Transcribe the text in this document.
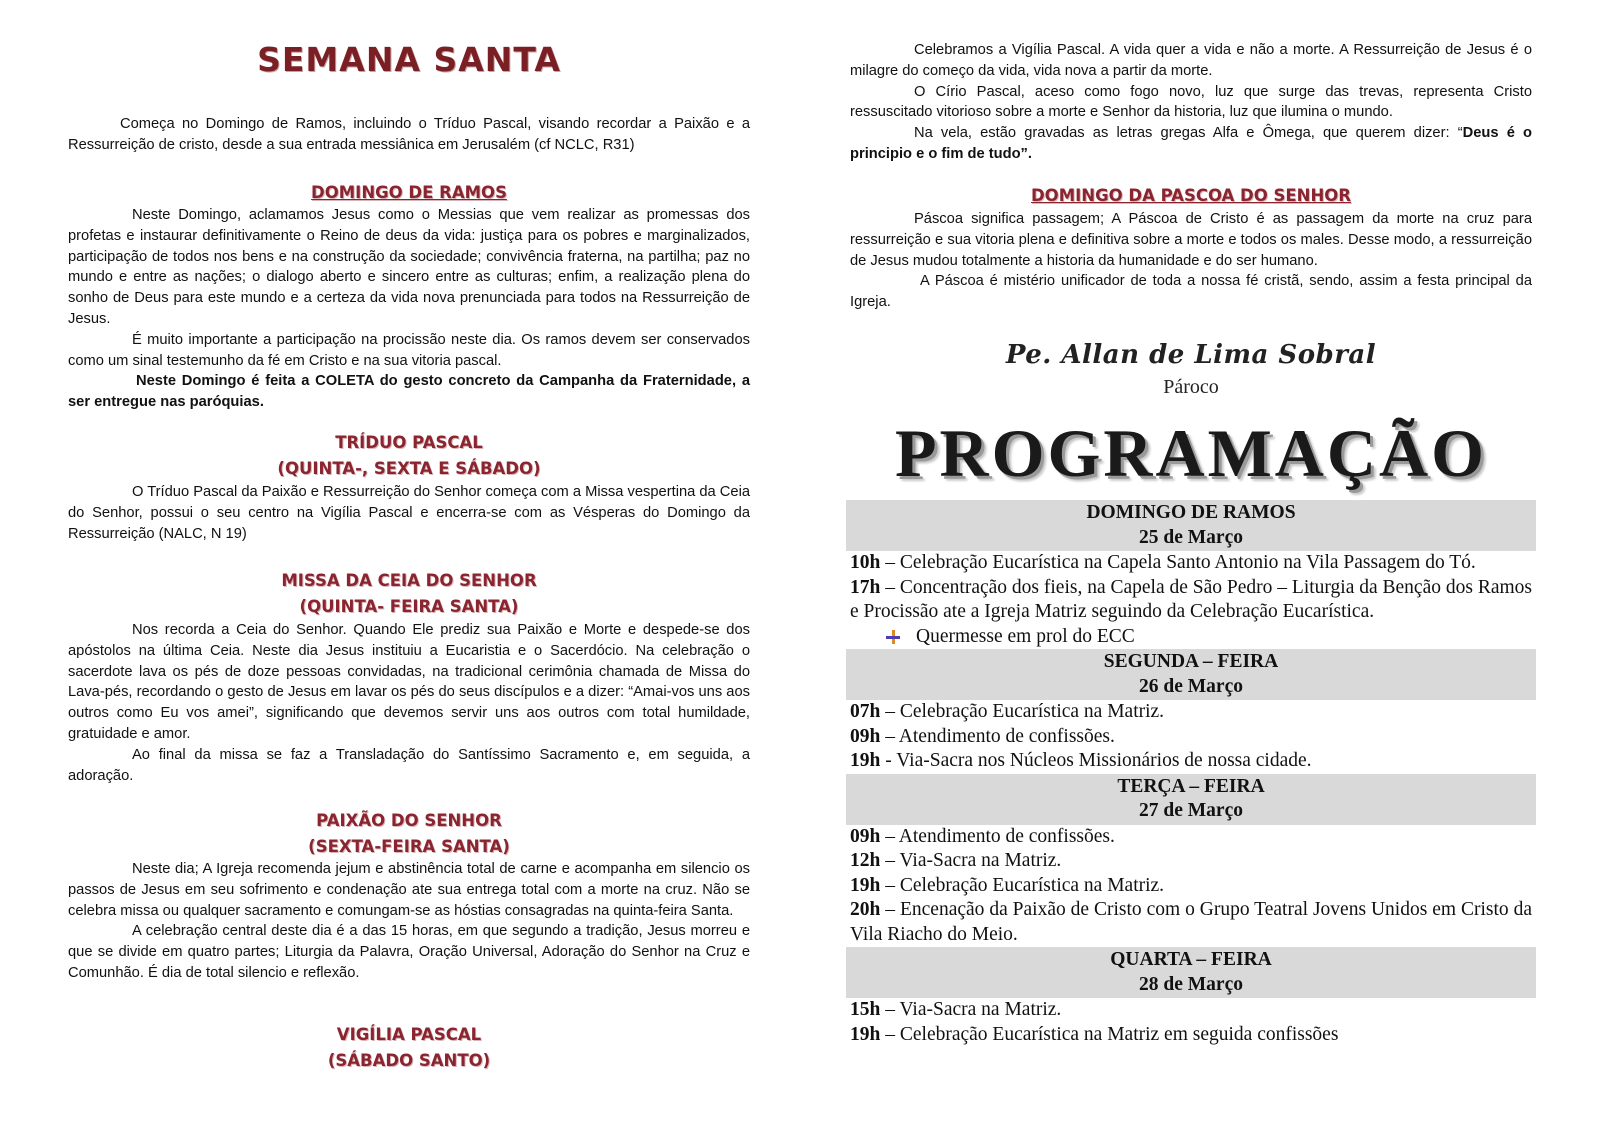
SEMANA SANTA

Começa no Domingo de Ramos, incluindo o Tríduo Pascal, visando recordar a Paixão e a Ressurreição de cristo, desde a sua entrada messiânica em Jerusalém (cf NCLC, R31)

DOMINGO DE RAMOS

Neste Domingo, aclamamos Jesus como o Messias que vem realizar as promessas dos profetas e instaurar definitivamente o Reino de deus da vida: justiça para os pobres e marginalizados, participação de todos nos bens e na construção da sociedade; convivência fraterna, na partilha; paz no mundo e entre as nações; o dialogo aberto e sincero entre as culturas; enfim, a realização plena do sonho de Deus para este mundo e a certeza da vida nova prenunciada para todos na Ressurreição de Jesus.

É muito importante a participação na procissão neste dia. Os ramos devem ser conservados como um sinal testemunho da fé em Cristo e na sua vitoria pascal.

Neste Domingo é feita a COLETA do gesto concreto da Campanha da Fraternidade, a ser entregue nas paróquias.

TRÍDUO PASCAL
(QUINTA-, SEXTA E SÁBADO)

O Tríduo Pascal da Paixão e Ressurreição do Senhor começa com a Missa vespertina da Ceia do Senhor, possui o seu centro na Vigília Pascal e encerra-se com as Vésperas do Domingo da Ressurreição (NALC, N 19)

MISSA DA CEIA DO SENHOR
(QUINTA- FEIRA SANTA)

Nos recorda a Ceia do Senhor. Quando Ele prediz sua Paixão e Morte e despede-se dos apóstolos na última Ceia. Neste dia Jesus instituiu a Eucaristia e o Sacerdócio. Na celebração o sacerdote lava os pés de doze pessoas convidadas, na tradicional cerimônia chamada de Missa do Lava-pés, recordando o gesto de Jesus em lavar os pés do seus discípulos e a dizer: “Amai-vos uns aos outros como Eu vos amei”, significando que devemos servir uns aos outros com total humildade, gratuidade e amor.

Ao final da missa se faz a Transladação do Santíssimo Sacramento e, em seguida, a adoração.

PAIXÃO DO SENHOR
(SEXTA-FEIRA SANTA)

Neste dia; A Igreja recomenda jejum e abstinência total de carne e acompanha em silencio os passos de Jesus em seu sofrimento e condenação ate sua entrega total com a morte na cruz. Não se celebra missa ou qualquer sacramento e comungam-se as hóstias consagradas na quinta-feira Santa.

A celebração central deste dia é a das 15 horas, em que segundo a tradição, Jesus morreu e que se divide em quatro partes; Liturgia da Palavra, Oração Universal, Adoração do Senhor na Cruz e Comunhão. É dia de total silencio e reflexão.

VIGÍLIA PASCAL
(SÁBADO SANTO)

Celebramos a Vigília Pascal. A vida quer a vida e não a morte. A Ressurreição de Jesus é o milagre do começo da vida, vida nova a partir da morte.

O Círio Pascal, aceso como fogo novo, luz que surge das trevas, representa Cristo ressuscitado vitorioso sobre a morte e Senhor da historia, luz que ilumina o mundo.

Na vela, estão gravadas as letras gregas Alfa e Ômega, que querem dizer: “Deus é o principio e o fim de tudo”.

DOMINGO DA PASCOA DO SENHOR

Páscoa significa passagem; A Páscoa de Cristo é as passagem da morte na cruz para ressurreição e sua vitoria plena e definitiva sobre a morte e todos os males. Desse modo, a ressurreição de Jesus mudou totalmente a historia da humanidade e do ser humano.

A Páscoa é mistério unificador de toda a nossa fé cristã, sendo, assim a festa principal da Igreja.

Pe. Allan de Lima Sobral
Pároco
PROGRAMAÇÃO
DOMINGO DE RAMOS
25 de Março
10h – Celebração Eucarística na Capela Santo Antonio na Vila Passagem do Tó.
17h – Concentração dos fieis, na Capela de São Pedro – Liturgia da Benção dos Ramos e Procissão ate a Igreja Matriz seguindo da Celebração Eucarística.
Quermesse em prol do ECC
SEGUNDA – FEIRA
26 de Março
07h – Celebração Eucarística na Matriz.
09h – Atendimento de confissões.
19h - Via-Sacra nos Núcleos Missionários de nossa cidade.
TERÇA – FEIRA
27 de Março
09h – Atendimento de confissões.
12h – Via-Sacra na Matriz.
19h – Celebração Eucarística na Matriz.
20h – Encenação da Paixão de Cristo com o Grupo Teatral Jovens Unidos em Cristo da Vila Riacho do Meio.
QUARTA – FEIRA
28 de Março
15h – Via-Sacra na Matriz.
19h – Celebração Eucarística na Matriz em seguida confissões
